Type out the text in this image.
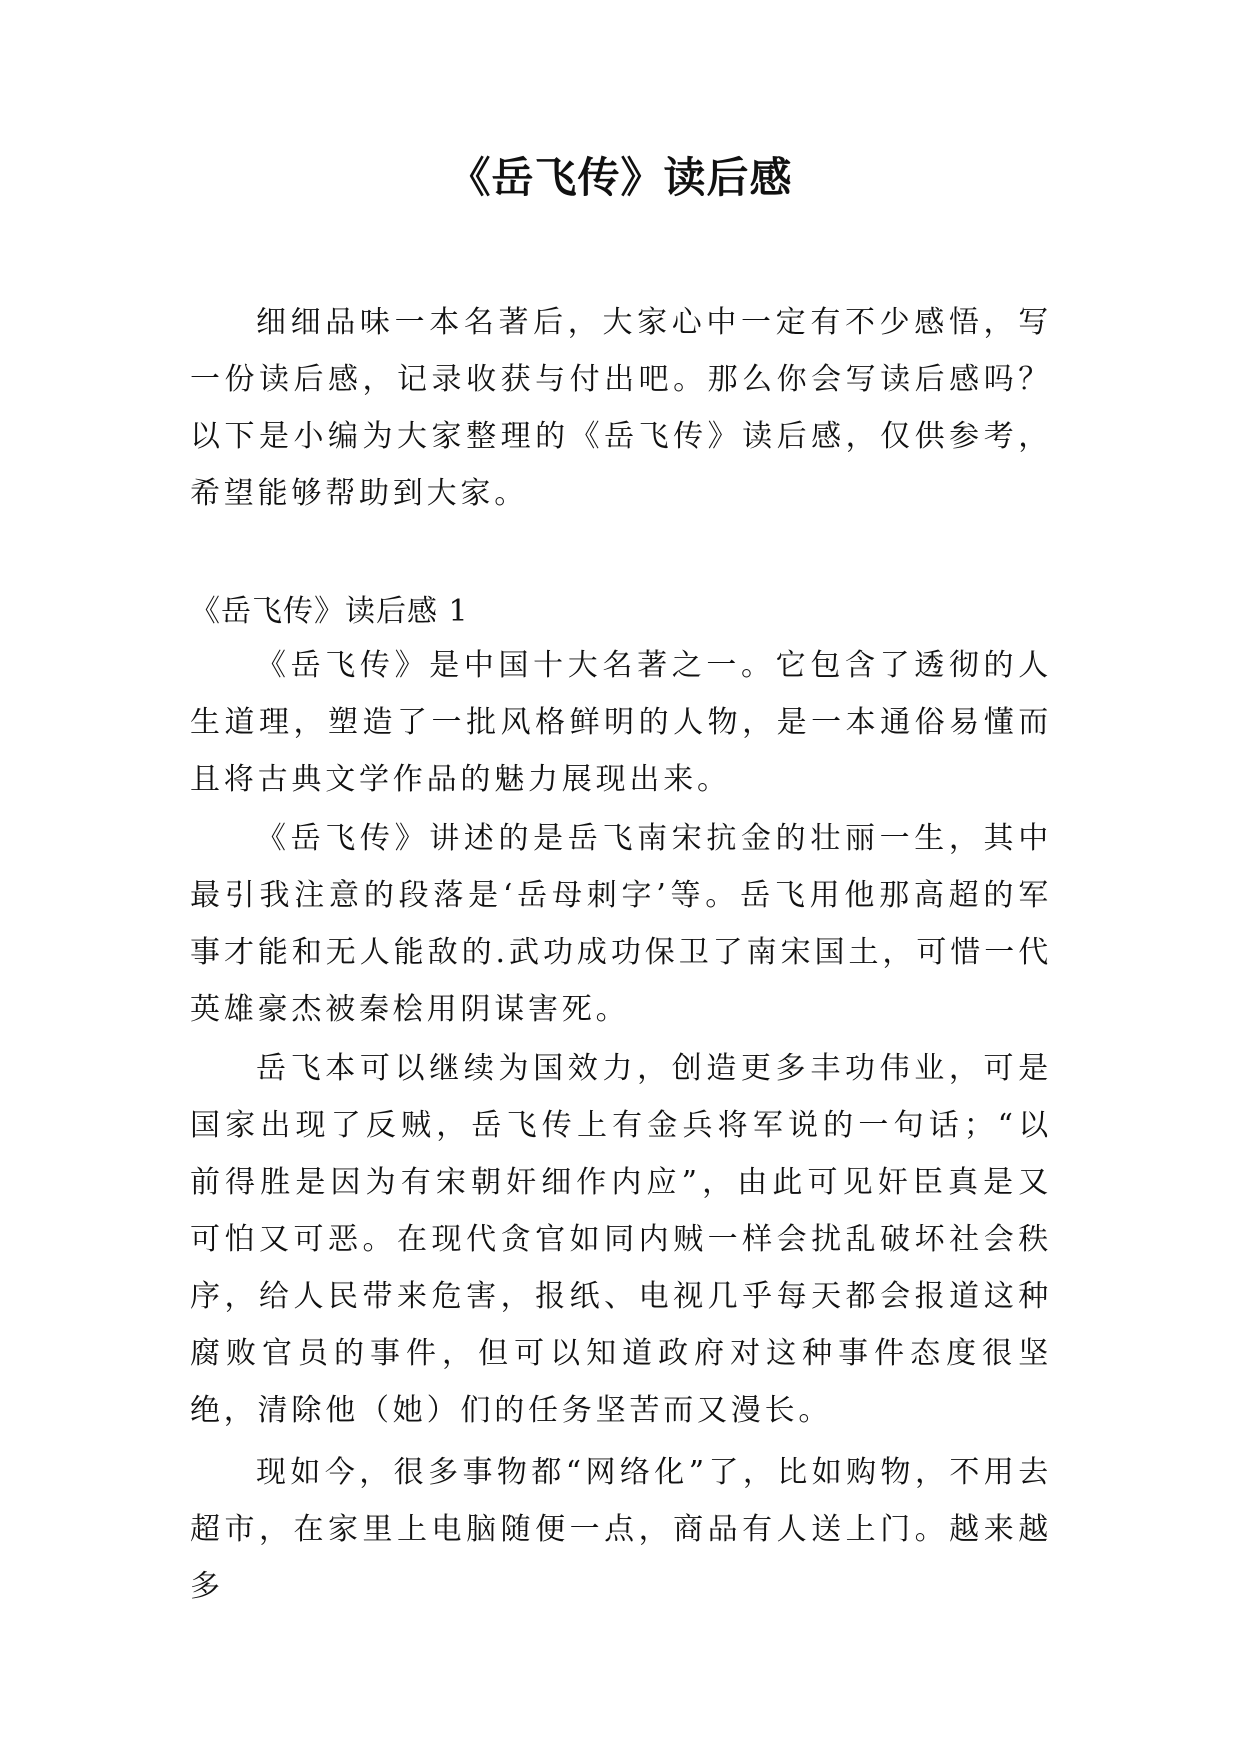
《岳飞传》读后感

细细品味一本名著后，大家心中一定有不少感悟，写一份读后感，记录收获与付出吧。那么你会写读后感吗？以下是小编为大家整理的《岳飞传》读后感，仅供参考，希望能够帮助到大家。

《岳飞传》读后感 1

《岳飞传》是中国十大名著之一。它包含了透彻的人生道理，塑造了一批风格鲜明的人物，是一本通俗易懂而且将古典文学作品的魅力展现出来。

《岳飞传》讲述的是岳飞南宋抗金的壮丽一生，其中最引我注意的段落是‘岳母刺字’等。岳飞用他那高超的军事才能和无人能敌的.武功成功保卫了南宋国土，可惜一代英雄豪杰被秦桧用阴谋害死。

岳飞本可以继续为国效力，创造更多丰功伟业，可是国家出现了反贼，岳飞传上有金兵将军说的一句话；“以前得胜是因为有宋朝奸细作内应”，由此可见奸臣真是又可怕又可恶。在现代贪官如同内贼一样会扰乱破坏社会秩序，给人民带来危害，报纸、电视几乎每天都会报道这种腐败官员的事件，但可以知道政府对这种事件态度很坚绝，清除他（她）们的任务坚苦而又漫长。

现如今，很多事物都“网络化”了，比如购物，不用去超市，在家里上电脑随便一点，商品有人送上门。越来越多
